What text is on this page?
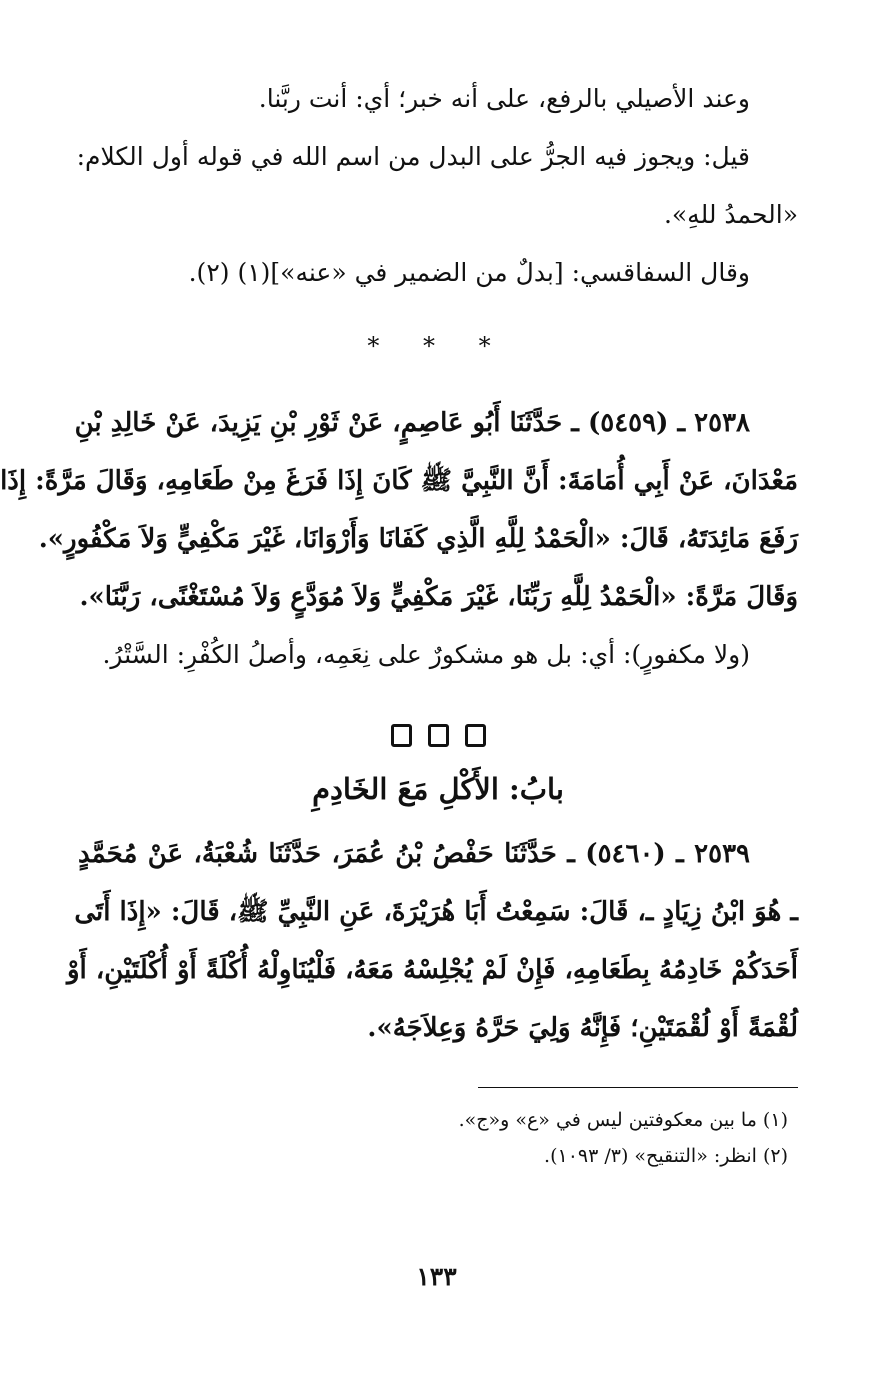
وعند الأصيلي بالرفع، على أنه خبر؛ أي: أنت ربَّنا.
قيل: ويجوز فيه الجرُّ على البدل من اسم الله في قوله أول الكلام:
«الحمدُ للهِ».
وقال السفاقسي: [بدلٌ من الضمير في «عنه»](١) (٢).
* * *
٢٥٣٨ ـ (٥٤٥٩) ـ حَدَّثَنَا أَبُو عَاصِمٍ، عَنْ ثَوْرِ بْنِ يَزِيدَ، عَنْ خَالِدِ بْنِ
مَعْدَانَ، عَنْ أَبِي أُمَامَةَ: أَنَّ النَّبِيَّ ﷺ كَانَ إِذَا فَرَغَ مِنْ طَعَامِهِ، وَقَالَ مَرَّةً: إِذَا
رَفَعَ مَائِدَتَهُ، قَالَ: «الْحَمْدُ لِلَّهِ الَّذِي كَفَانَا وَأَرْوَانَا، غَيْرَ مَكْفِيٍّ وَلاَ مَكْفُورٍ».
وَقَالَ مَرَّةً: «الْحَمْدُ لِلَّهِ رَبِّنَا، غَيْرَ مَكْفِيٍّ وَلاَ مُوَدَّعٍ وَلاَ مُسْتَغْنًى، رَبَّنَا».
(ولا مكفورٍ): أي: بل هو مشكورٌ على نِعَمِه، وأصلُ الكُفْرِ: السَّتْرُ.
بابُ: الأَكْلِ مَعَ الخَادِمِ
٢٥٣٩ ـ (٥٤٦٠) ـ حَدَّثَنَا حَفْصُ بْنُ عُمَرَ، حَدَّثَنَا شُعْبَةُ، عَنْ مُحَمَّدٍ
ـ هُوَ ابْنُ زِيَادٍ ـ، قَالَ: سَمِعْتُ أَبَا هُرَيْرَةَ، عَنِ النَّبِيِّ ﷺ، قَالَ: «إِذَا أَتَى
أَحَدَكُمْ خَادِمُهُ بِطَعَامِهِ، فَإِنْ لَمْ يُجْلِسْهُ مَعَهُ، فَلْيُنَاوِلْهُ أُكْلَةً أَوْ أُكْلَتَيْنِ، أَوْ
لُقْمَةً أَوْ لُقْمَتَيْنِ؛ فَإِنَّهُ وَلِيَ حَرَّهُ وَعِلاَجَهُ».
(١) ما بين معكوفتين ليس في «ع» و«ج».
(٢) انظر: «التنقيح» (٣/ ١٠٩٣).
١٣٣
